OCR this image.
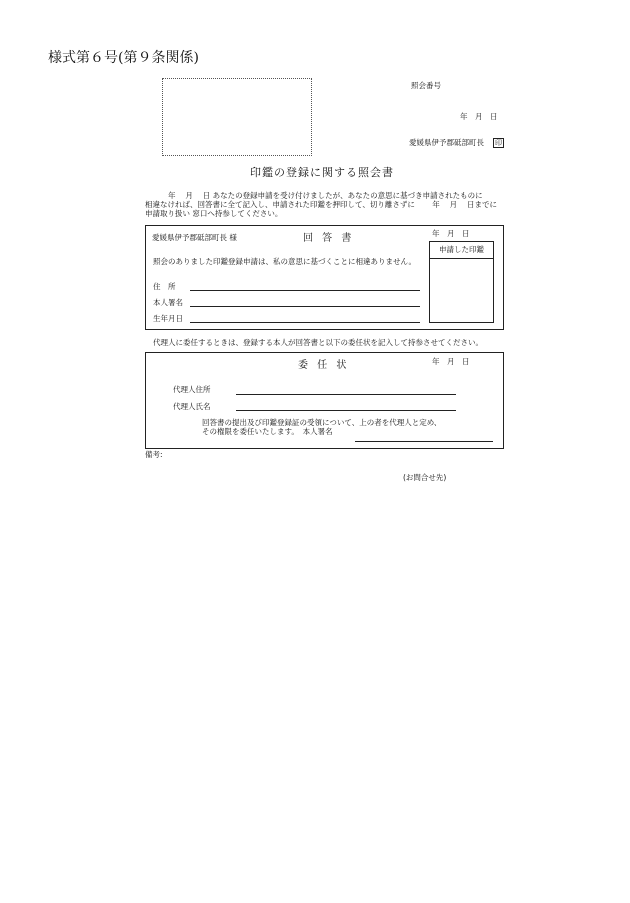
様式第６号(第９条関係)
照会番号
年　月　日
愛媛県伊予郡砥部町長 印
印鑑の登録に関する照会書
年　 月　 日 あなたの登録申請を受け付けましたが、あなたの意思に基づき申請されたものに
相違なければ、回答書に全て記入し、申請された印鑑を押印して、切り離さずに　　 年　 月　 日までに
申請取り扱い 窓口へ持参してください。
愛媛県伊予郡砥部町長 様	回 答 書	年　月　日
照会のありました印鑑登録申請は、私の意思に基づくことに相違ありません。
住　所
本人署名
生年月日
申請した印鑑
代理人に委任するときは、登録する本人が回答書と以下の委任状を記入して持参させてください。
委 任 状	年　月　日
代理人住所
代理人氏名
回答書の提出及び印鑑登録証の受領について、上の者を代理人と定め、
その権限を委任いたします。　本人署名
備考:
(お問合せ先)
